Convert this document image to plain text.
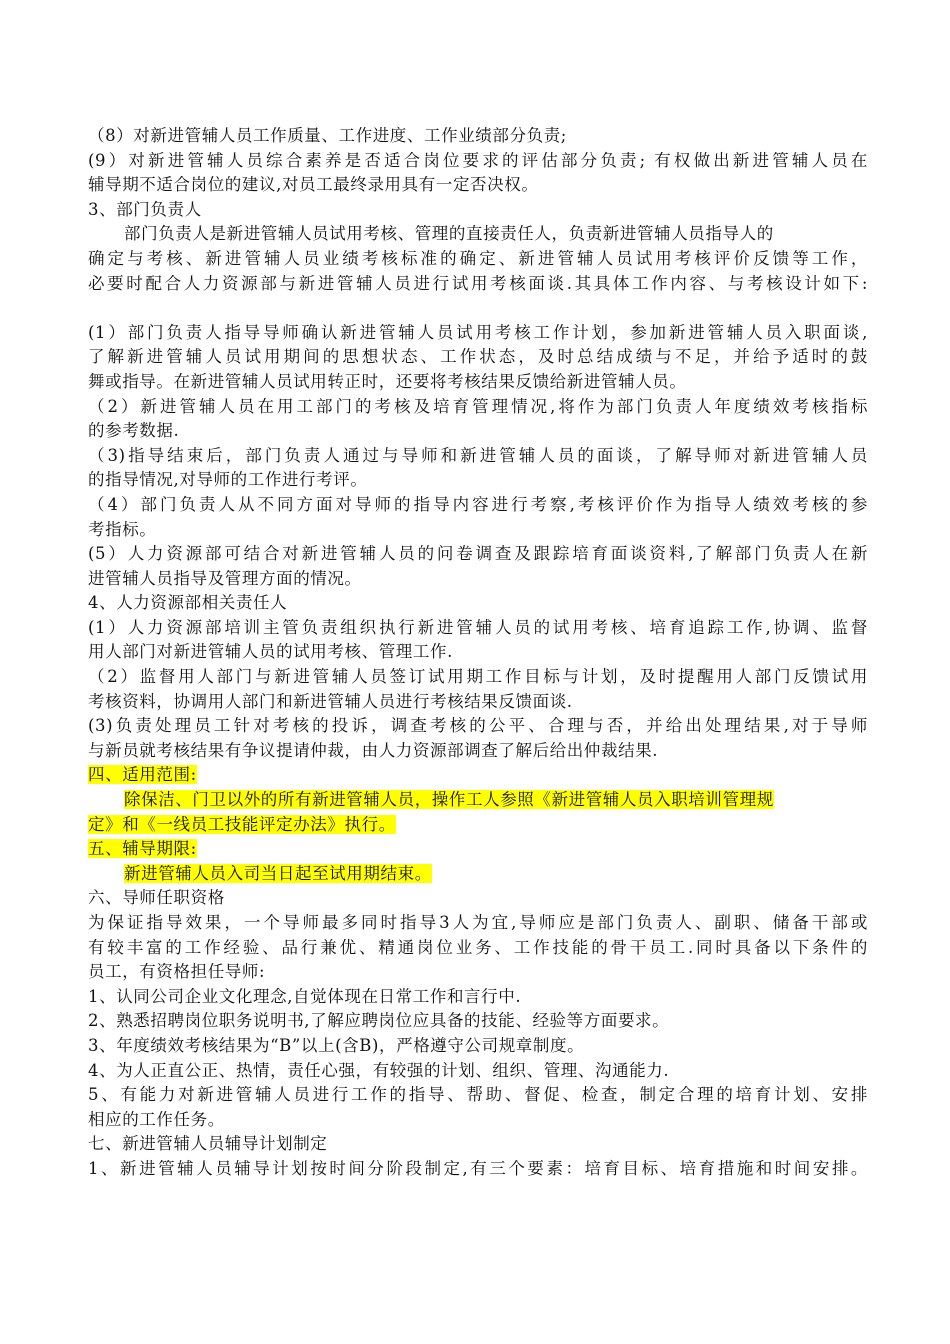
（8）对新进管辅人员工作质量、工作进度、工作业绩部分负责;
(9）对新进管辅人员综合素养是否适合岗位要求的评估部分负责; 有权做出新进管辅人员在
辅导期不适合岗位的建议,对员工最终录用具有一定否决权。
3、部门负责人
部门负责人是新进管辅人员试用考核、管理的直接责任人，负责新进管辅人员指导人的
确定与考核、新进管辅人员业绩考核标准的确定、新进管辅人员试用考核评价反馈等工作，
必要时配合人力资源部与新进管辅人员进行试用考核面谈.其具体工作内容、与考核设计如下:
(1）部门负责人指导导师确认新进管辅人员试用考核工作计划，参加新进管辅人员入职面谈,
了解新进管辅人员试用期间的思想状态、工作状态，及时总结成绩与不足，并给予适时的鼓
舞或指导。在新进管辅人员试用转正时，还要将考核结果反馈给新进管辅人员。
（2）新进管辅人员在用工部门的考核及培育管理情况,将作为部门负责人年度绩效考核指标
的参考数据.
（3)指导结束后，部门负责人通过与导师和新进管辅人员的面谈，了解导师对新进管辅人员
的指导情况,对导师的工作进行考评。
（4）部门负责人从不同方面对导师的指导内容进行考察,考核评价作为指导人绩效考核的参
考指标。
(5）人力资源部可结合对新进管辅人员的问卷调查及跟踪培育面谈资料,了解部门负责人在新
进管辅人员指导及管理方面的情况。
4、人力资源部相关责任人
(1）人力资源部培训主管负责组织执行新进管辅人员的试用考核、培育追踪工作,协调、监督
用人部门对新进管辅人员的试用考核、管理工作.
（2）监督用人部门与新进管辅人员签订试用期工作目标与计划，及时提醒用人部门反馈试用
考核资料，协调用人部门和新进管辅人员进行考核结果反馈面谈.
(3)负责处理员工针对考核的投诉，调查考核的公平、合理与否，并给出处理结果,对于导师
与新员就考核结果有争议提请仲裁，由人力资源部调查了解后给出仲裁结果.
四、适用范围:
除保洁、门卫以外的所有新进管辅人员，操作工人参照《新进管辅人员入职培训管理规
定》和《一线员工技能评定办法》执行。
五、辅导期限:
新进管辅人员入司当日起至试用期结束。
六、导师任职资格
为保证指导效果，一个导师最多同时指导3人为宜,导师应是部门负责人、副职、储备干部或
有较丰富的工作经验、品行兼优、精通岗位业务、工作技能的骨干员工.同时具备以下条件的
员工，有资格担任导师:
1、认同公司企业文化理念,自觉体现在日常工作和言行中.
2、熟悉招聘岗位职务说明书,了解应聘岗位应具备的技能、经验等方面要求。
3、年度绩效考核结果为“B”以上(含B)，严格遵守公司规章制度。
4、为人正直公正、热情，责任心强，有较强的计划、组织、管理、沟通能力.
5、有能力对新进管辅人员进行工作的指导、帮助、督促、检查，制定合理的培育计划、安排
相应的工作任务。
七、新进管辅人员辅导计划制定
1、新进管辅人员辅导计划按时间分阶段制定,有三个要素：培育目标、培育措施和时间安排。
